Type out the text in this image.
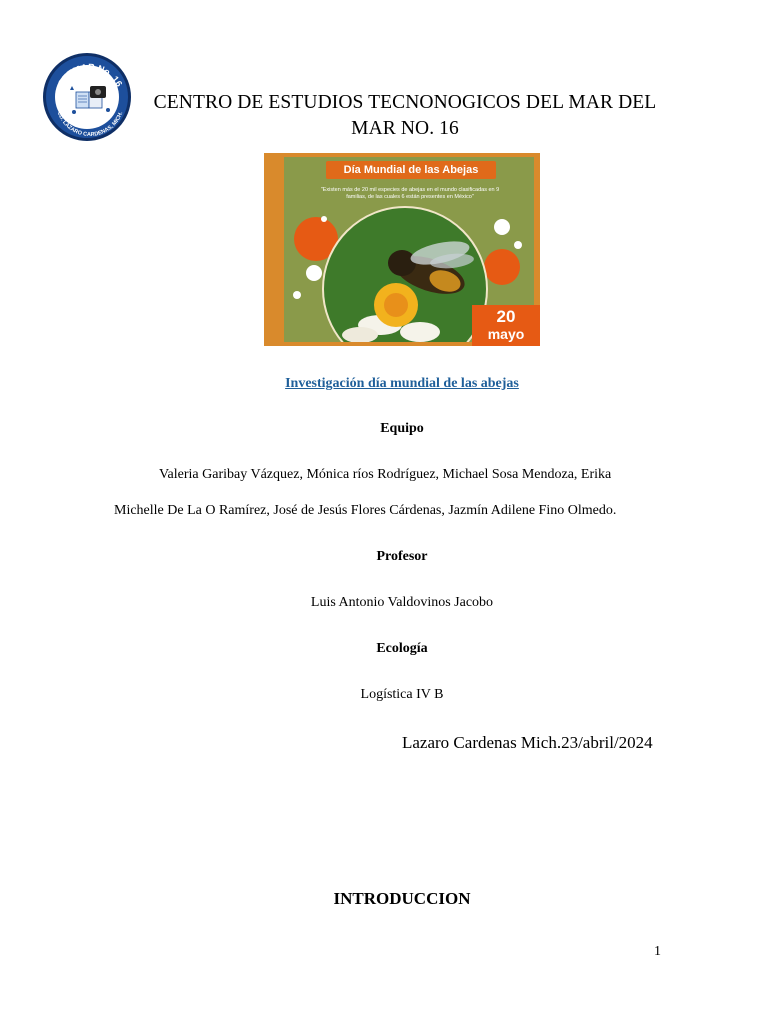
CETMAR No. 16
CD. LAZARO CARDENAS, MICH.	CENTRO DE ESTUDIOS TECNONOGICOS DEL MAR DEL
MAR NO. 16
Día Mundial de las Abejas
"Existen más de 20 mil especies de abejas en el mundo clasificadas en 9 familias, de las cuales 6 están presentes en México"
20
mayo
Investigación día mundial de las abejas
Equipo
Valeria Garibay Vázquez, Mónica ríos Rodríguez, Michael Sosa Mendoza, Erika
Michelle De La O Ramírez, José de Jesús Flores Cárdenas, Jazmín Adilene Fino Olmedo.
Profesor
Luis Antonio Valdovinos Jacobo
Ecología
Logística IV B
Lazaro Cardenas Mich.23/abril/2024
INTRODUCCION
1
